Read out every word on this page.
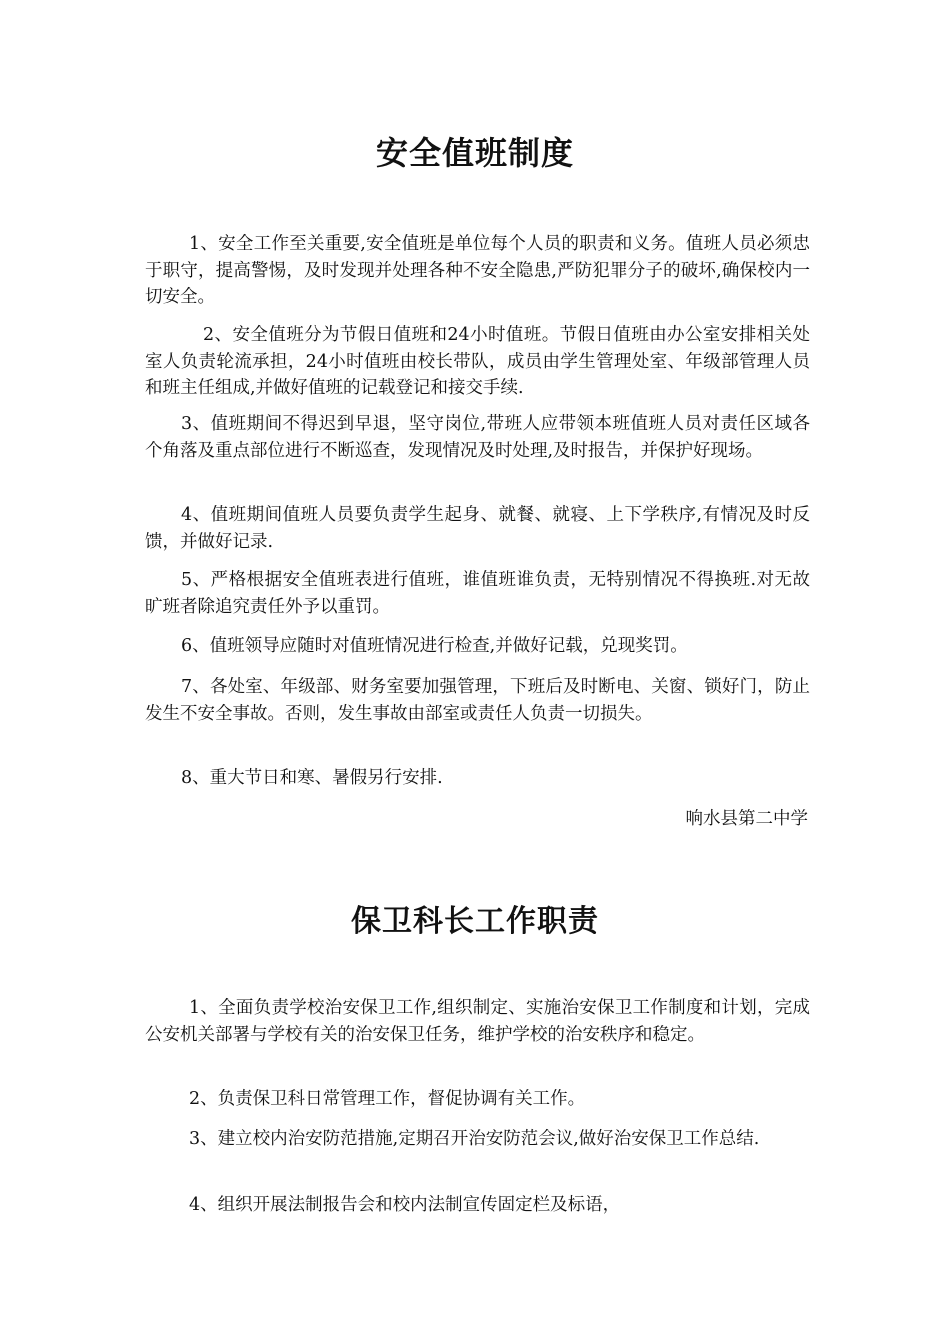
安全值班制度

1、安全工作至关重要,安全值班是单位每个人员的职责和义务。值班人员必须忠于职守，提高警惕，及时发现并处理各种不安全隐患,严防犯罪分子的破坏,确保校内一切安全。

2、安全值班分为节假日值班和24小时值班。节假日值班由办公室安排相关处室人负责轮流承担，24小时值班由校长带队，成员由学生管理处室、年级部管理人员和班主任组成,并做好值班的记载登记和接交手续.

3、值班期间不得迟到早退，坚守岗位,带班人应带领本班值班人员对责任区域各个角落及重点部位进行不断巡查，发现情况及时处理,及时报告，并保护好现场。

4、值班期间值班人员要负责学生起身、就餐、就寝、上下学秩序,有情况及时反馈，并做好记录.

5、严格根据安全值班表进行值班，谁值班谁负责，无特别情况不得换班.对无故旷班者除追究责任外予以重罚。

6、值班领导应随时对值班情况进行检查,并做好记载，兑现奖罚。

7、各处室、年级部、财务室要加强管理，下班后及时断电、关窗、锁好门，防止发生不安全事故。否则，发生事故由部室或责任人负责一切损失。

8、重大节日和寒、暑假另行安排.

响水县第二中学

保卫科长工作职责

1、全面负责学校治安保卫工作,组织制定、实施治安保卫工作制度和计划，完成公安机关部署与学校有关的治安保卫任务，维护学校的治安秩序和稳定。

2、负责保卫科日常管理工作，督促协调有关工作。

3、建立校内治安防范措施,定期召开治安防范会议,做好治安保卫工作总结.

4、组织开展法制报告会和校内法制宣传固定栏及标语，
